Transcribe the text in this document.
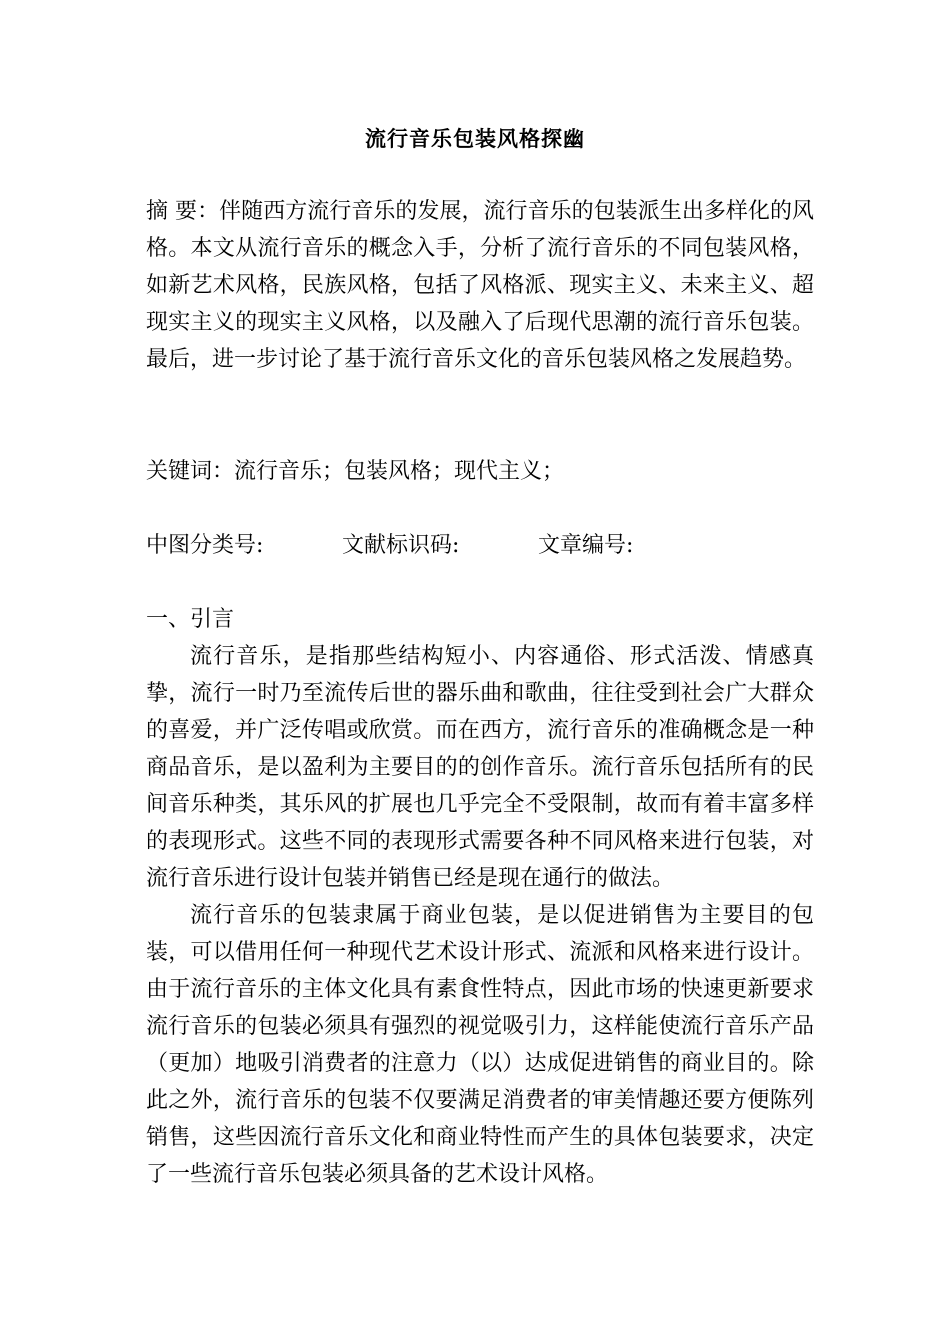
流行音乐包装风格探幽

摘 要：伴随西方流行音乐的发展，流行音乐的包装派生出多样化的风格。本文从流行音乐的概念入手，分析了流行音乐的不同包装风格，如新艺术风格，民族风格，包括了风格派、现实主义、未来主义、超现实主义的现实主义风格，以及融入了后现代思潮的流行音乐包装。最后，进一步讨论了基于流行音乐文化的音乐包装风格之发展趋势。

关键词：流行音乐；包装风格；现代主义；

中图分类号:	文献标识码:	文章编号:
一、引言

流行音乐，是指那些结构短小、内容通俗、形式活泼、情感真挚，流行一时乃至流传后世的器乐曲和歌曲，往往受到社会广大群众的喜爱，并广泛传唱或欣赏。而在西方，流行音乐的准确概念是一种商品音乐，是以盈利为主要目的的创作音乐。流行音乐包括所有的民间音乐种类，其乐风的扩展也几乎完全不受限制，故而有着丰富多样的表现形式。这些不同的表现形式需要各种不同风格来进行包装，对流行音乐进行设计包装并销售已经是现在通行的做法。

流行音乐的包装隶属于商业包装，是以促进销售为主要目的包装，可以借用任何一种现代艺术设计形式、流派和风格来进行设计。由于流行音乐的主体文化具有素食性特点，因此市场的快速更新要求流行音乐的包装必须具有强烈的视觉吸引力，这样能使流行音乐产品（更加）地吸引消费者的注意力（以）达成促进销售的商业目的。除此之外，流行音乐的包装不仅要满足消费者的审美情趣还要方便陈列销售，这些因流行音乐文化和商业特性而产生的具体包装要求，决定了一些流行音乐包装必须具备的艺术设计风格。
